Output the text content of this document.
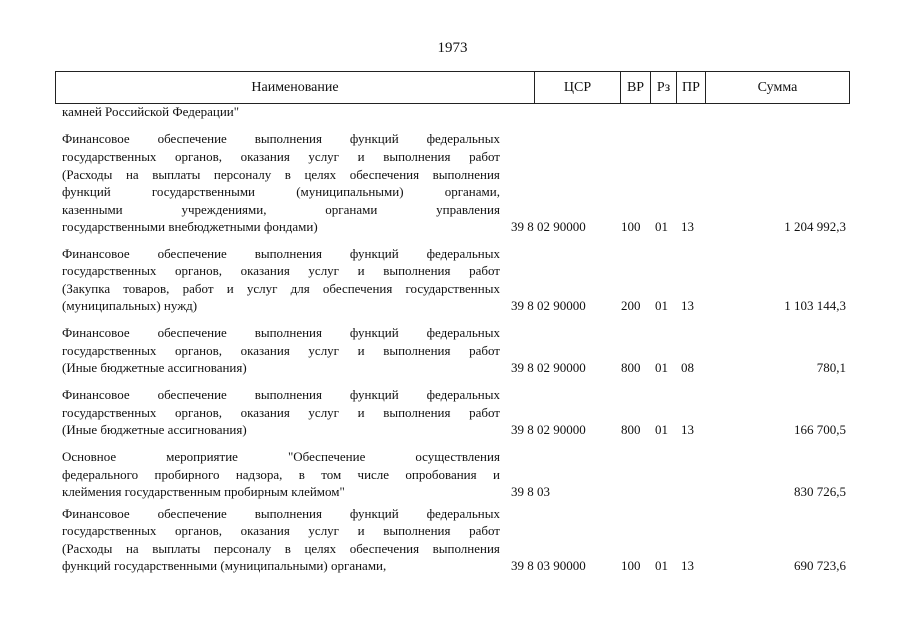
1973
Наименование	ЦСР	ВР Рз ПР	Сумма
камней Российской Федерации"
Финансовое обеспечение выполнения функций федеральных
государственных органов, оказания услуг и выполнения работ
(Расходы на выплаты персоналу в целях обеспечения выполнения
функций	государственными	(муниципальными)	органами,
казенными	учреждениями,	органами	управления
государственными внебюджетными фондами)	39 8 02 90000	100 01 13	1 204 992,3
Финансовое обеспечение выполнения функций федеральных
государственных органов, оказания услуг и выполнения работ
(Закупка товаров, работ и услуг для обеспечения государственных
(муниципальных) нужд)	39 8 02 90000	200 01 13	1 103 144,3
Финансовое обеспечение выполнения функций федеральных
государственных органов, оказания услуг и выполнения работ
(Иные бюджетные ассигнования)	39 8 02 90000	800 01 08	780,1
Финансовое обеспечение выполнения функций федеральных
государственных органов, оказания услуг и выполнения работ
(Иные бюджетные ассигнования)	39 8 02 90000	800 01 13	166 700,5
Основное	мероприятие	"Обеспечение	осуществления
федерального пробирного надзора, в том числе опробования и
клеймения государственным пробирным клеймом"	39 8 03	830 726,5
Финансовое обеспечение выполнения функций федеральных
государственных органов, оказания услуг и выполнения работ
(Расходы на выплаты персоналу в целях обеспечения выполнения
функций государственными (муниципальными) органами,	39 8 03 90000	100 01 13	690 723,6
